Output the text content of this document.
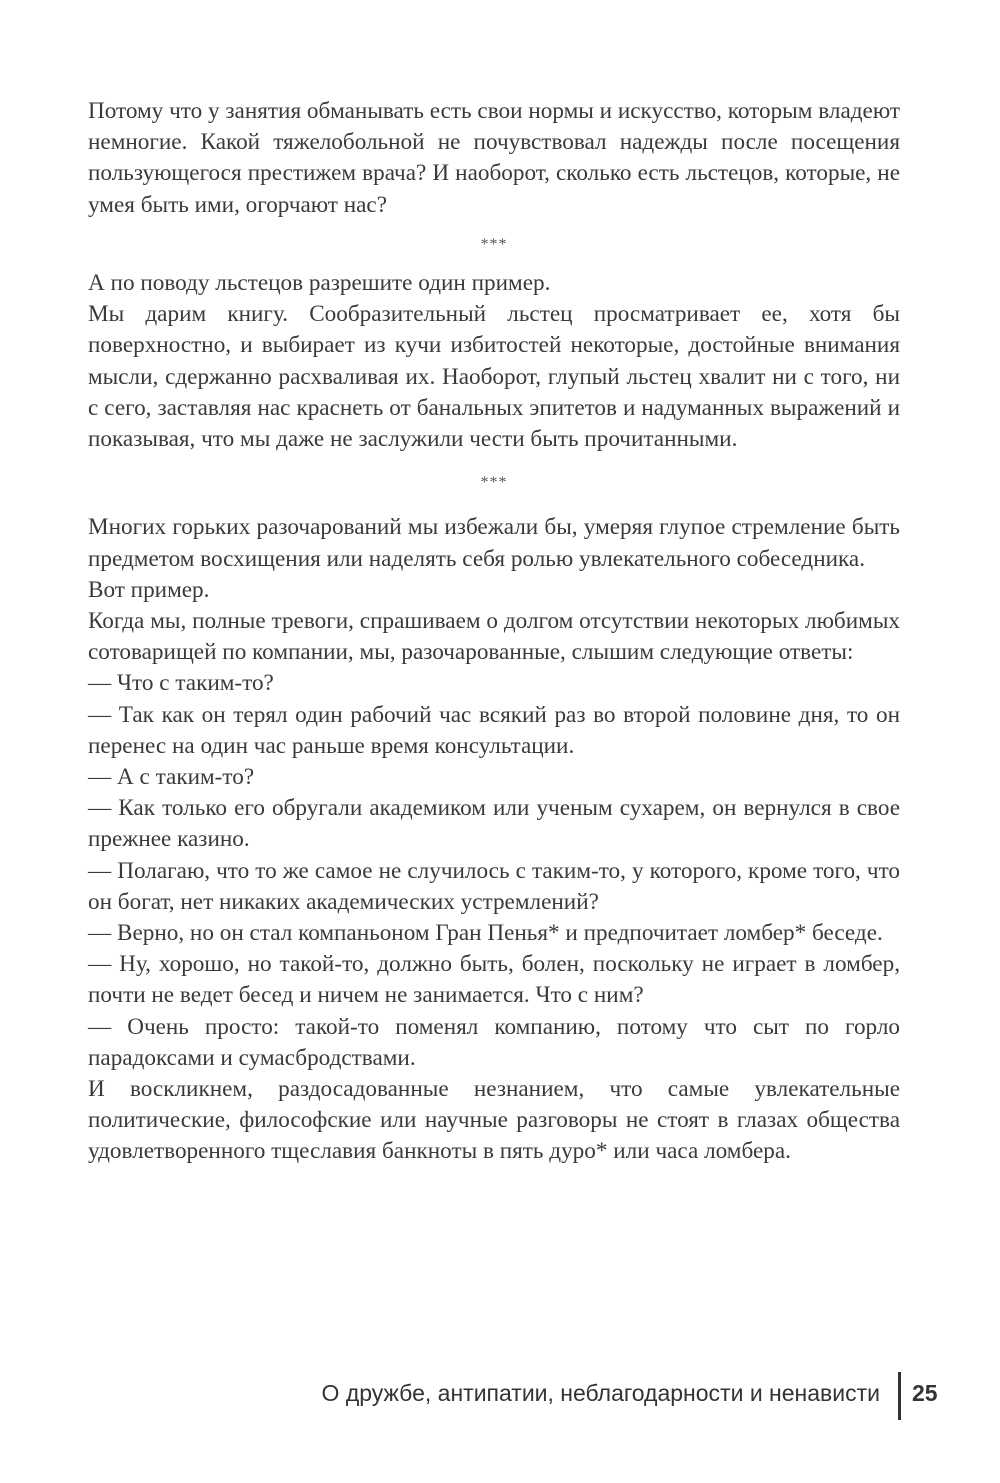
Потому что у занятия обманывать есть свои нормы и искусство, которым владеют немногие. Какой тяжелобольной не почувствовал надежды после посещения пользующегося престижем врача? И наоборот, сколько есть льстецов, которые, не умея быть ими, огорчают нас?

***

А по поводу льстецов разрешите один пример.

Мы дарим книгу. Сообразительный льстец просматривает ее, хотя бы поверхностно, и выбирает из кучи избитостей некоторые, достойные внимания мысли, сдержанно расхваливая их. Наоборот, глупый льстец хвалит ни с того, ни с сего, заставляя нас краснеть от банальных эпитетов и надуманных выражений и показывая, что мы даже не заслужили чести быть прочитанными.

***

Многих горьких разочарований мы избежали бы, умеряя глупое стремление быть предметом восхищения или наделять себя ролью увлекательного собеседника.

Вот пример.

Когда мы, полные тревоги, спрашиваем о долгом отсутствии некоторых любимых сотоварищей по компании, мы, разочарованные, слышим следующие ответы:

— Что с таким-то?

— Так как он терял один рабочий час всякий раз во второй половине дня, то он перенес на один час раньше время консультации.

— А с таким-то?

— Как только его обругали академиком или ученым сухарем, он вернулся в свое прежнее казино.

— Полагаю, что то же самое не случилось с таким-то, у которого, кроме того, что он богат, нет никаких академических устремлений?

— Верно, но он стал компаньоном Гран Пенья* и предпочитает ломбер* беседе.

— Ну, хорошо, но такой-то, должно быть, болен, поскольку не играет в ломбер, почти не ведет бесед и ничем не занимается. Что с ним?

— Очень просто: такой-то поменял компанию, потому что сыт по горло парадоксами и сумасбродствами.

И воскликнем, раздосадованные незнанием, что самые увлекательные политические, философские или научные разговоры не стоят в глазах общества удовлетворенного тщеславия банкноты в пять дуро* или часа ломбера.

О дружбе, антипатии, неблагодарности и ненависти 25
